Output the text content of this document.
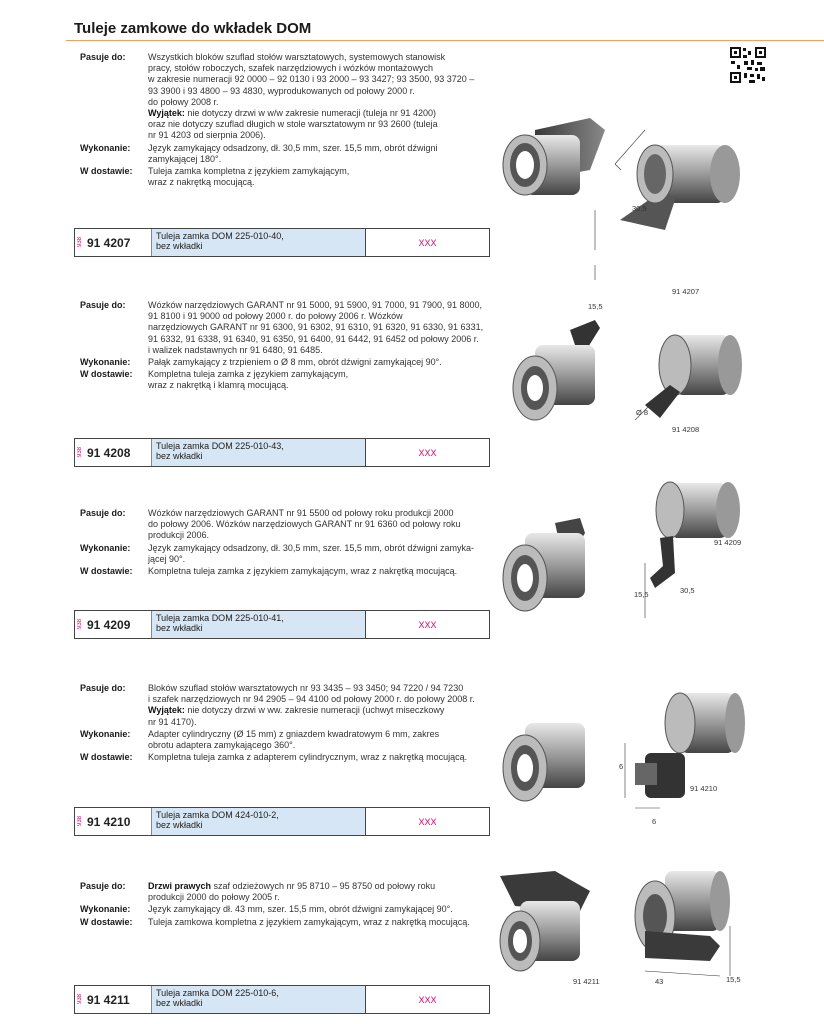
Tuleje zamkowe do wkładek DOM
Pasuje do:	Wszystkich bloków szuflad stołów warsztatowych, systemowych stanowisk
pracy, stołów roboczych, szafek narzędziowych i wózków montażowych
w zakresie numeracji 92 0000 – 92 0130 i 93 2000 – 93 3427; 93 3500, 93 3720 –
93 3900 i 93 4800 – 93 4830, wyprodukowanych od połowy 2000 r.
do połowy 2008 r.
Wyjątek: nie dotyczy drzwi w w/w zakresie numeracji (tuleja nr 91 4200)
oraz nie dotyczy szuflad długich w stole warsztatowym nr 93 2600 (tuleja
nr 91 4203 od sierpnia 2006).
Wykonanie:	Język zamykający odsadzony, dł. 30,5 mm, szer. 15,5 mm, obrót dźwigni
zamykającej 180°.
W dostawie:	Tuleja zamka kompletna z językiem zamykającym,
wraz z nakrętką mocującą.
938 91 4207	Tuleja zamka DOM 225-010-40,
bez wkładki	XXX
30,5
15,5
91 4207
Pasuje do:	Wózków narzędziowych GARANT nr 91 5000, 91 5900, 91 7000, 91 7900, 91 8000,
91 8100 i 91 9000 od połowy 2000 r. do połowy 2006 r. Wózków
narzędziowych GARANT nr 91 6300, 91 6302, 91 6310, 91 6320, 91 6330, 91 6331,
91 6332, 91 6338, 91 6340, 91 6350, 91 6400, 91 6442, 91 6452 od połowy 2006 r.
i walizek nadstawnych nr 91 6480, 91 6485.
Wykonanie:	Pałąk zamykający z trzpieniem o Ø 8 mm, obrót dźwigni zamykającej 90°.
W dostawie:	Kompletna tuleja zamka z językiem zamykającym,
wraz z nakrętką i klamrą mocującą.
938 91 4208	Tuleja zamka DOM 225-010-43,
bez wkładki	XXX
Ø 8
91 4208
Pasuje do:	Wózków narzędziowych GARANT nr 91 5500 od połowy roku produkcji 2000
do połowy 2006. Wózków narzędziowych GARANT nr 91 6360 od połowy roku
produkcji 2006.
Wykonanie:	Język zamykający odsadzony, dł. 30,5 mm, szer. 15,5 mm, obrót dźwigni zamyka-
jącej 90°.
W dostawie:	Kompletna tuleja zamka z językiem zamykającym, wraz z nakrętką mocującą.
938 91 4209	Tuleja zamka DOM 225-010-41,
bez wkładki	XXX
15,5	30,5
91 4209
Pasuje do:	Bloków szuflad stołów warsztatowych nr 93 3435 – 93 3450; 94 7220 / 94 7230
i szafek narzędziowych nr 94 2905 – 94 4100 od połowy 2000 r. do połowy 2008 r.
Wyjątek: nie dotyczy drzwi w ww. zakresie numeracji (uchwyt miseczkowy
nr 91 4170).
Wykonanie:	Adapter cylindryczny (Ø 15 mm) z gniazdem kwadratowym 6 mm, zakres
obrotu adaptera zamykającego 360°.
W dostawie:	Kompletna tuleja zamka z adapterem cylindrycznym, wraz z nakrętką mocującą.
938 91 4210	Tuleja zamka DOM 424-010-2,
bez wkładki	XXX
6
6
91 4210
Pasuje do:	Drzwi prawych szaf odzieżowych nr 95 8710 – 95 8750 od połowy roku
produkcji 2000 do połowy 2005 r.
Wykonanie:	Język zamykający dł. 43 mm, szer. 15,5 mm, obrót dźwigni zamykającej 90°.
W dostawie:	Tuleja zamkowa kompletna z językiem zamykającym, wraz z nakrętką mocującą.
938 91 4211	Tuleja zamka DOM 225-010-6,
bez wkładki	XXX
43	15,5
91 4211
